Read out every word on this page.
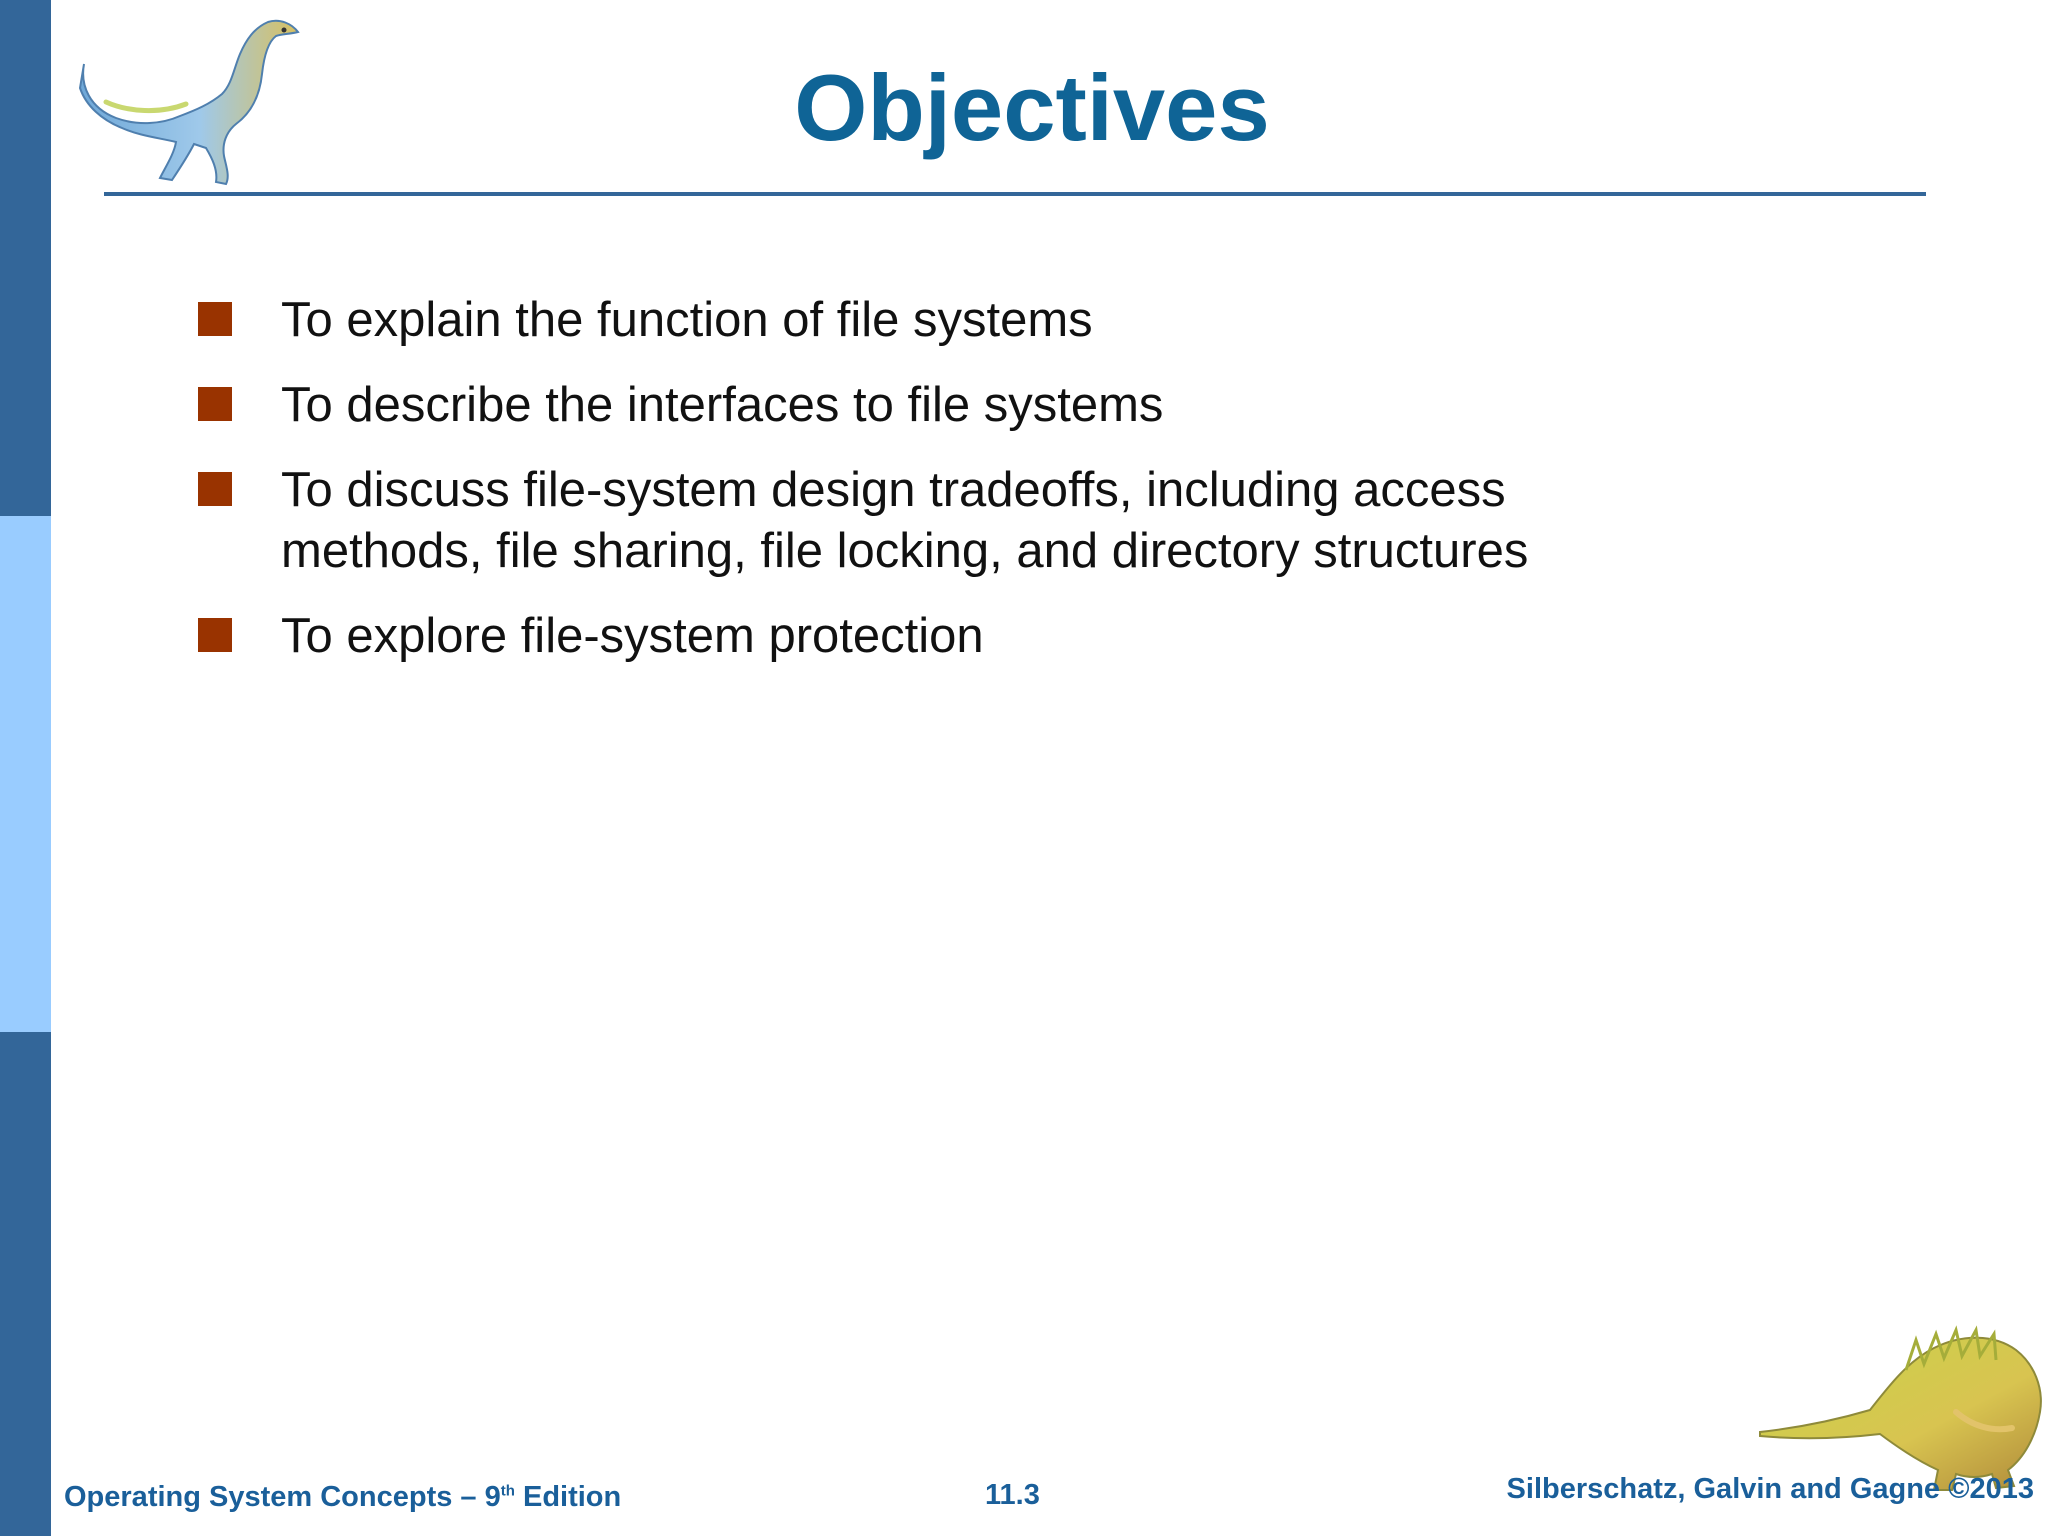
Objectives
To explain the function of file systems
To describe the interfaces to file systems
To discuss file-system design tradeoffs, including access methods, file sharing, file locking, and directory structures
To explore file-system protection
Operating System Concepts – 9th Edition	11.3	Silberschatz, Galvin and Gagne ©2013
